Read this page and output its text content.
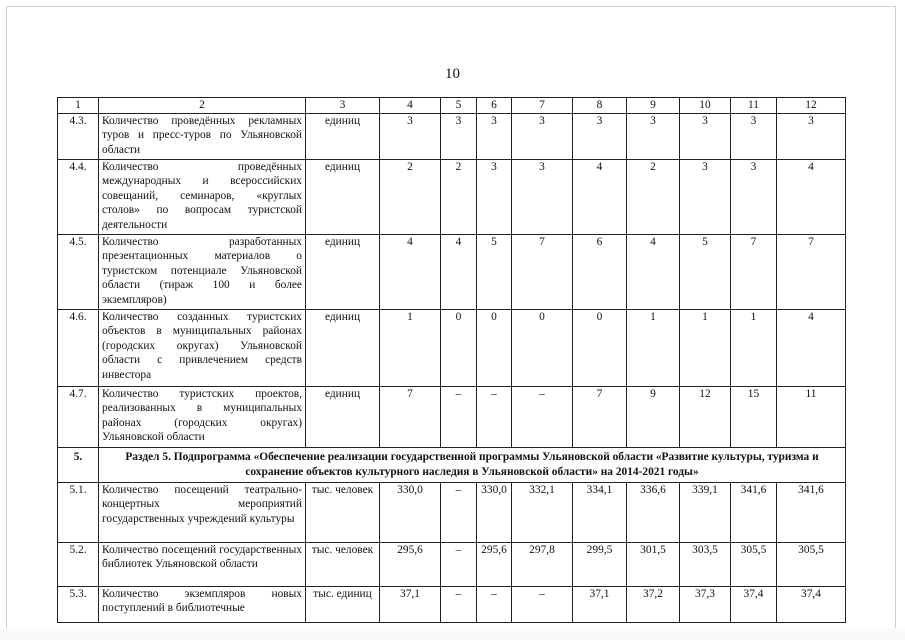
10
1	2	3	4	5	6	7	8	9	10	11	12
4.3.	Количество проведённых рекламных туров и пресс-туров по Ульяновской области	единиц	3	3	3	3	3	3	3	3	3
4.4.	Количество проведённых международных и всероссийских совещаний, семинаров, «круглых столов» по вопросам туристской деятельности	единиц	2	2	3	3	4	2	3	3	4
4.5.	Количество разработанных презентационных материалов о туристском потенциале Ульяновской области (тираж 100 и более экземпляров)	единиц	4	4	5	7	6	4	5	7	7
4.6.	Количество созданных туристских объектов в муниципальных районах (городских округах) Ульяновской области с привлечением средств инвестора	единиц	1	0	0	0	0	1	1	1	4
4.7.	Количество туристских проектов, реализованных в муниципальных районах (городских округах) Ульяновской области	единиц	7	–	–	–	7	9	12	15	11
5.	Раздел 5. Подпрограмма «Обеспечение реализации государственной программы Ульяновской области «Развитие культуры, туризма и сохранение объектов культурного наследия в Ульяновской области» на 2014-2021 годы»										
5.1.	Количество посещений театрально-концертных мероприятий государственных учреждений культуры	тыс. человек	330,0	–	330,0	332,1	334,1	336,6	339,1	341,6	341,6
5.2.	Количество посещений государственных библиотек Ульяновской области	тыс. человек	295,6	–	295,6	297,8	299,5	301,5	303,5	305,5	305,5
5.3.	Количество экземпляров новых поступлений в библиотечные	тыс. единиц	37,1	–	–	–	37,1	37,2	37,3	37,4	37,4
